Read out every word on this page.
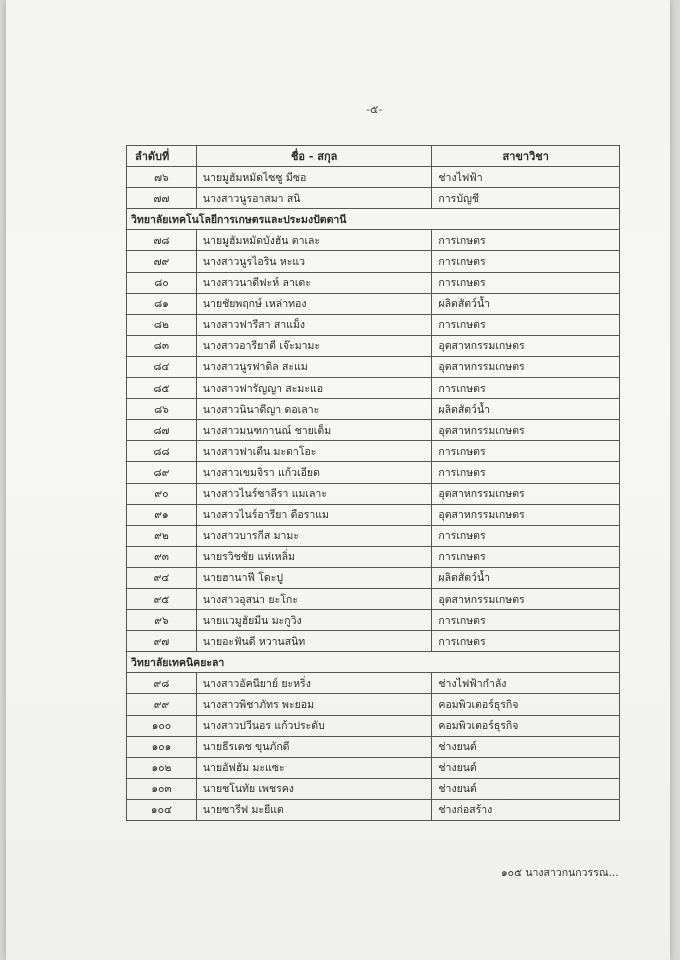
-๕-
ลำดับที่	ชื่อ - สกุล	สาขาวิชา
๗๖	นายมูฮัมหมัดไซซู มีซอ	ช่างไฟฟ้า
๗๗	นางสาวนูรอาสมา สนิ	การบัญชี
วิทยาลัยเทคโนโลยีการเกษตรและประมงปัตตานี		
๗๘	นายมูฮัมหมัดบังฮัน ตาเละ	การเกษตร
๗๙	นางสาวนูรไอริน หะแว	การเกษตร
๘๐	นางสาวนาดีฟะห์ ลาเตะ	การเกษตร
๘๑	นายชัยพฤกษ์ เหล่าทอง	ผลิตสัตว์น้ำ
๘๒	นางสาวฟารีสา สาแม็ง	การเกษตร
๘๓	นางสาวอารียาตี เจ๊ะมามะ	อุตสาหกรรมเกษตร
๘๔	นางสาวนูรฟาดิล สะแม	อุตสาหกรรมเกษตร
๘๕	นางสาวฟารัญญา สะมะแอ	การเกษตร
๘๖	นางสาวนินาดีญา ดอเลาะ	ผลิตสัตว์น้ำ
๘๗	นางสาวมนฑกานณ์ ชายเต็ม	อุตสาหกรรมเกษตร
๘๘	นางสาวฟาเตีน มะดาโอะ	การเกษตร
๘๙	นางสาวเขมจิรา แก้วเอียด	การเกษตร
๙๐	นางสาวไนร์ซาลีรา แมเลาะ	อุตสาหกรรมเกษตร
๙๑	นางสาวไนร์อารียา ดือราแม	อุตสาหกรรมเกษตร
๙๒	นางสาวบารกีส มามะ	การเกษตร
๙๓	นายรวิชชัย แห่เหลิ่ม	การเกษตร
๙๔	นายฮานาฟี โดะปู	ผลิตสัตว์น้ำ
๙๕	นางสาวอุสนา ยะโกะ	อุตสาหกรรมเกษตร
๙๖	นายแวมูฮัยมีน มะกูวิง	การเกษตร
๙๗	นายอะฟันดี หวานสนิท	การเกษตร
วิทยาลัยเทคนิคยะลา		
๙๘	นางสาวอัคนียาย์ ยะหริ่ง	ช่างไฟฟ้ากำลัง
๙๙	นางสาวพิชาภัทร พะยอม	คอมพิวเตอร์ธุรกิจ
๑๐๐	นางสาวปวีนอร แก้วประดับ	คอมพิวเตอร์ธุรกิจ
๑๐๑	นายธีรเดช ขุนภักดี	ช่างยนต์
๑๐๒	นายอัฟฮัม มะแซะ	ช่างยนต์
๑๐๓	นายชโนทัย เพชรคง	ช่างยนต์
๑๐๔	นายซารีฟ มะยีแต	ช่างก่อสร้าง
๑๐๕ นางสาวกนกวรรณ...
